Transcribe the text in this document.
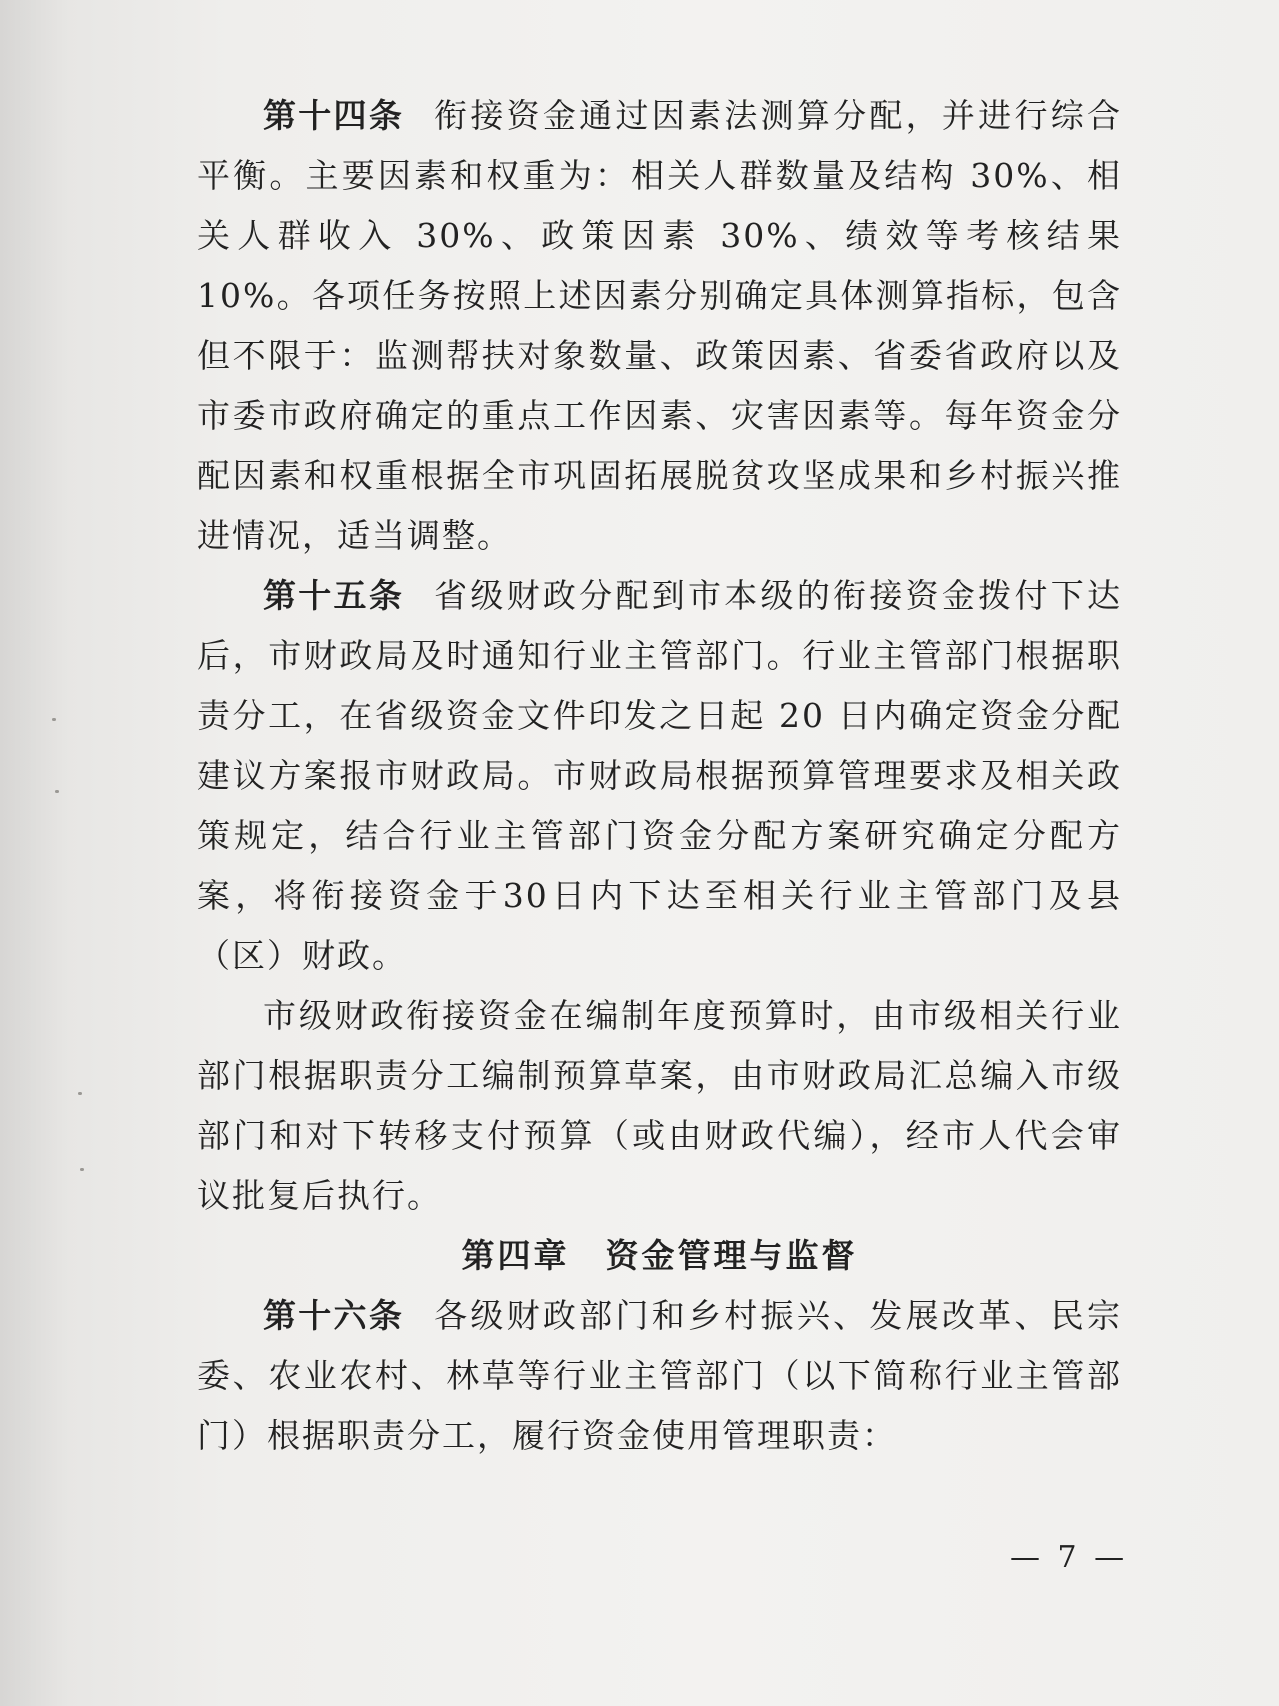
第十四条 衔接资金通过因素法测算分配，并进行综合平衡。主要因素和权重为：相关人群数量及结构 30%、相关人群收入 30%、政策因素 30%、绩效等考核结果 10%。各项任务按照上述因素分别确定具体测算指标，包含但不限于：监测帮扶对象数量、政策因素、省委省政府以及市委市政府确定的重点工作因素、灾害因素等。每年资金分配因素和权重根据全市巩固拓展脱贫攻坚成果和乡村振兴推进情况，适当调整。

第十五条 省级财政分配到市本级的衔接资金拨付下达后，市财政局及时通知行业主管部门。行业主管部门根据职责分工，在省级资金文件印发之日起 20 日内确定资金分配建议方案报市财政局。市财政局根据预算管理要求及相关政策规定，结合行业主管部门资金分配方案研究确定分配方案，将衔接资金于30日内下达至相关行业主管部门及县（区）财政。

市级财政衔接资金在编制年度预算时，由市级相关行业部门根据职责分工编制预算草案，由市财政局汇总编入市级部门和对下转移支付预算（或由财政代编），经市人代会审议批复后执行。

第四章 资金管理与监督

第十六条 各级财政部门和乡村振兴、发展改革、民宗委、农业农村、林草等行业主管部门（以下简称行业主管部门）根据职责分工，履行资金使用管理职责：

— 7 —
